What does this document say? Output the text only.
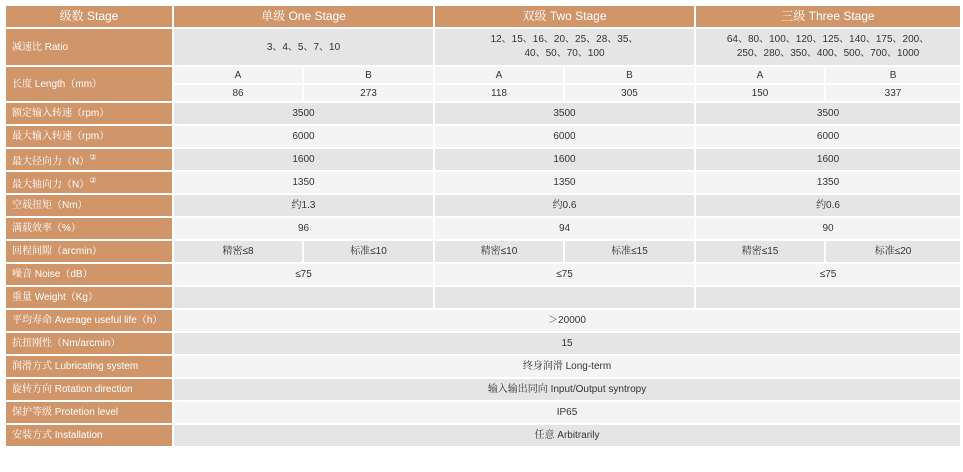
级数 Stage	单级 One Stage		双级 Two Stage		三级 Three Stage	
减速比 Ratio	3、4、5、7、10		12、15、16、20、25、28、35、40、50、70、100		64、80、100、120、125、140、175、200、250、280、350、400、500、700、1000	
长度 Length（mm）	A	B	A	B	A	B
	86	273	118	305	150	337
额定输入转速（rpm）	3500		3500		3500	
最大输入转速（rpm）	6000		6000		6000	
最大径向力（N）②	1600		1600		1600	
最大轴向力（N）②	1350		1350		1350	
空载扭矩（Nm）	约1.3		约0.6		约0.6	
满载效率（%）	96		94		90	
回程间隙（arcmin）	精密≤8	标准≤10	精密≤10	标准≤15	精密≤15	标准≤20
噪音 Noise（dB）	≤75		≤75		≤75	
重量 Weight（Kg）						
平均寿命 Average useful life（h）	＞20000					
抗扭刚性（Nm/arcmin）	15					
润滑方式 Lubricating system	终身润滑 Long-term					
旋转方向 Rotation direction	输入输出同向 Input/Output syntropy					
保护等级 Protetion level	IP65					
安装方式 Installation	任意 Arbitrarily					
